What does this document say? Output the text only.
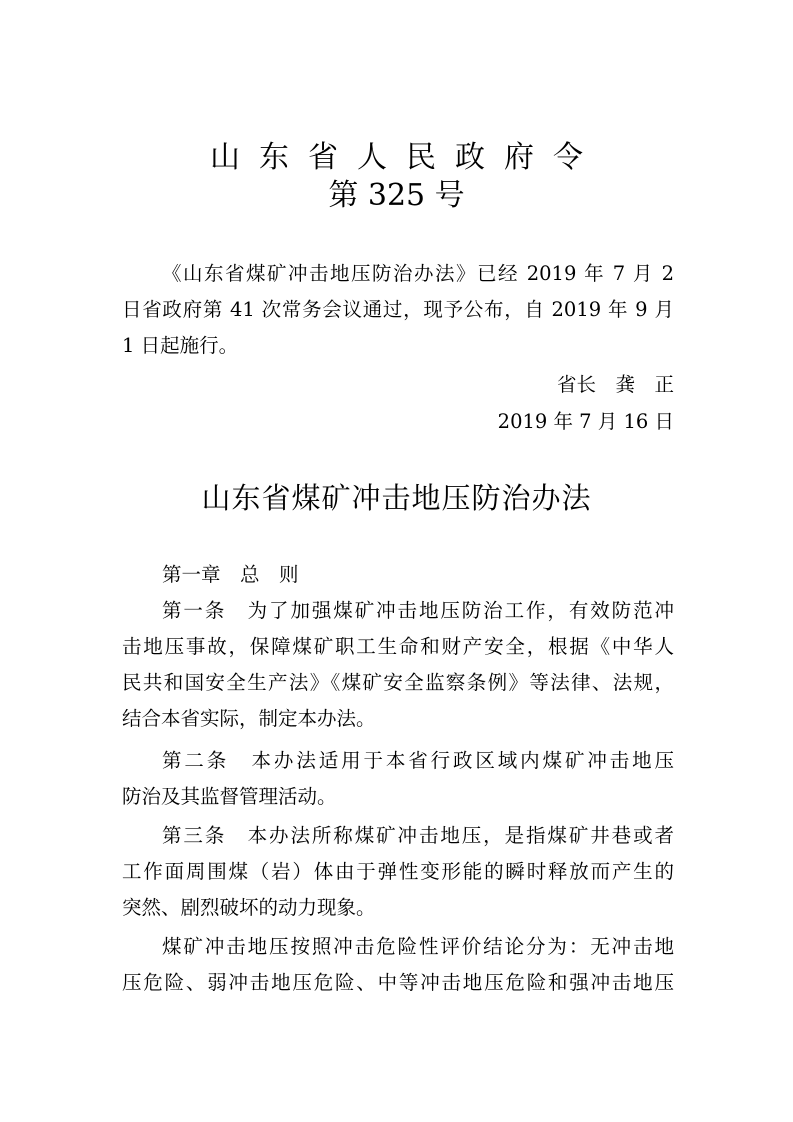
山东省人民政府令
第 325 号
《山东省煤矿冲击地压防治办法》已经 2019 年 7 月 2
日省政府第 41 次常务会议通过，现予公布，自 2019 年 9 月
1 日起施行。
省长　龚　正
2019 年 7 月 16 日
山东省煤矿冲击地压防治办法
第一章　总　则
第一条　为了加强煤矿冲击地压防治工作，有效防范冲
击地压事故，保障煤矿职工生命和财产安全，根据《中华人
民共和国安全生产法》《煤矿安全监察条例》等法律、法规，
结合本省实际，制定本办法。
第二条　本办法适用于本省行政区域内煤矿冲击地压
防治及其监督管理活动。
第三条　本办法所称煤矿冲击地压，是指煤矿井巷或者
工作面周围煤（岩）体由于弹性变形能的瞬时释放而产生的
突然、剧烈破坏的动力现象。
煤矿冲击地压按照冲击危险性评价结论分为：无冲击地
压危险、弱冲击地压危险、中等冲击地压危险和强冲击地压
